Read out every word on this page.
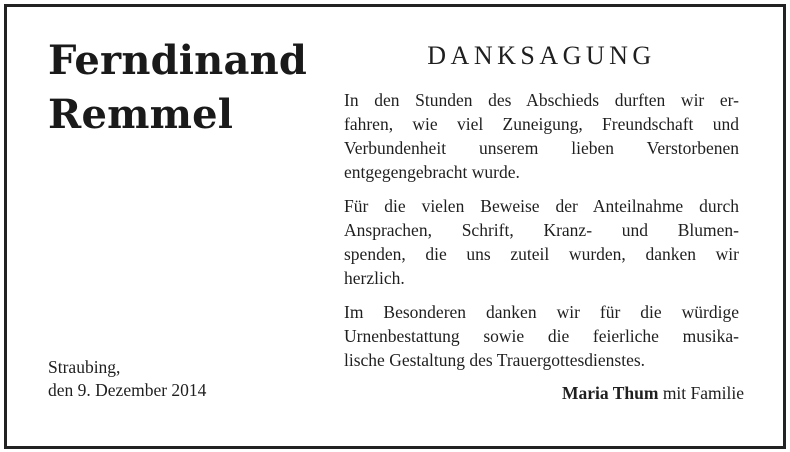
Ferndinand
Remmel
Straubing,
den 9. Dezember 2014
DANKSAGUNG
In den Stunden des Abschieds durften wir er-
fahren, wie viel Zuneigung, Freundschaft und
Verbundenheit unserem lieben Verstorbenen
entgegengebracht wurde.
Für die vielen Beweise der Anteilnahme durch
Ansprachen, Schrift, Kranz- und Blumen-
spenden, die uns zuteil wurden, danken wir
herzlich.
Im Besonderen danken wir für die würdige
Urnenbestattung sowie die feierliche musika-
lische Gestaltung des Trauergottesdienstes.
Maria Thum mit Familie
